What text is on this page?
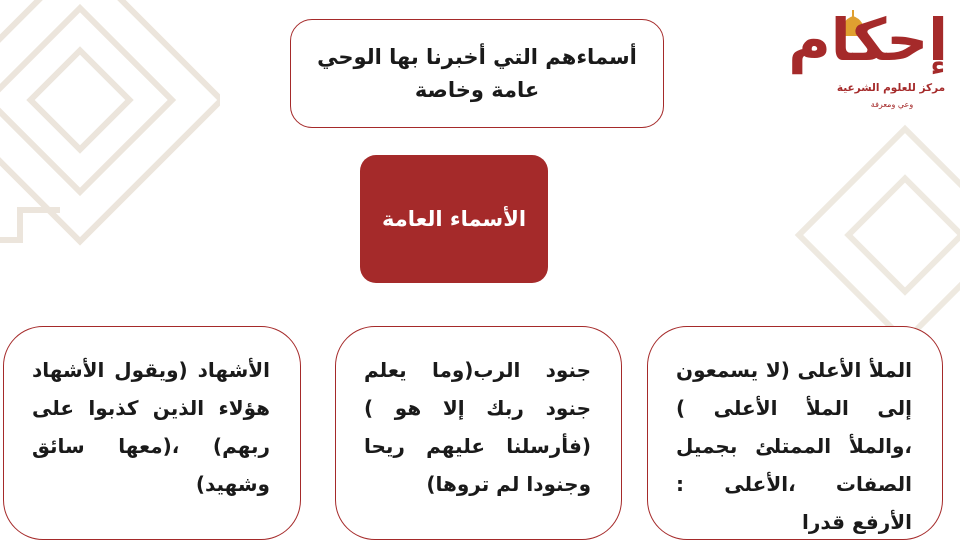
إحكام
مركز للعلوم الشرعية
وعي ومعرفة
أسماءهم التي أخبرنا بها الوحي
عامة وخاصة
الأسماء العامة
الملأ الأعلى (لا يسمعون إلى الملأ الأعلى ) ،والملأ الممتلئ بجميل الصفات ،الأعلى : الأرفع قدرا
جنود الرب(وما يعلم جنود ربك إلا هو ) (فأرسلنا عليهم ريحا وجنودا لم تروها)
الأشهاد (ويقول الأشهاد هؤلاء الذين كذبوا على ربهم) ،(معها سائق وشهيد)
